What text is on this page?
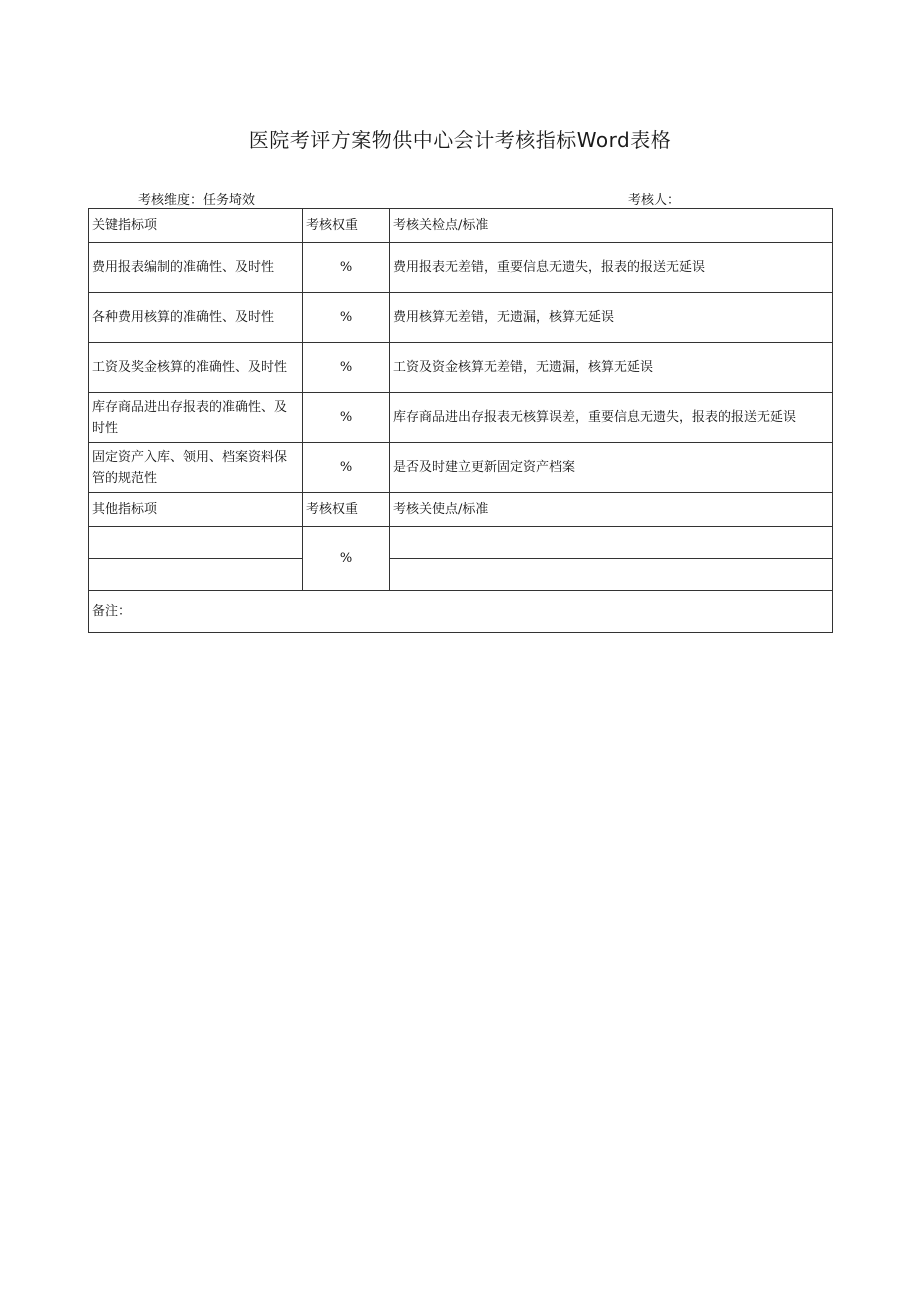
医院考评方案物供中心会计考核指标Word表格
考核维度：任务埼效	考核人：
关键指标项	考核权重	考核关检点/标准
费用报表编制的准确性、及时性	%	费用报表无差错，重要信息无遗失，报表的报送无延误
各种费用核算的准确性、及时性	%	费用核算无差错，无遗漏，核算无延误
工资及奖金核算的准确性、及时性	%	工资及资金核算无差错，无遗漏，核算无延误
库存商品进出存报表的准确性、及时性	%	库存商品进出存报表无核算误差，重要信息无遗失，报表的报送无延误
固定资产入库、领用、档案资料保管的规范性	%	是否及时建立更新固定资产档案
其他指标项	考核权重	考核关使点/标准
	%	

备注：		
